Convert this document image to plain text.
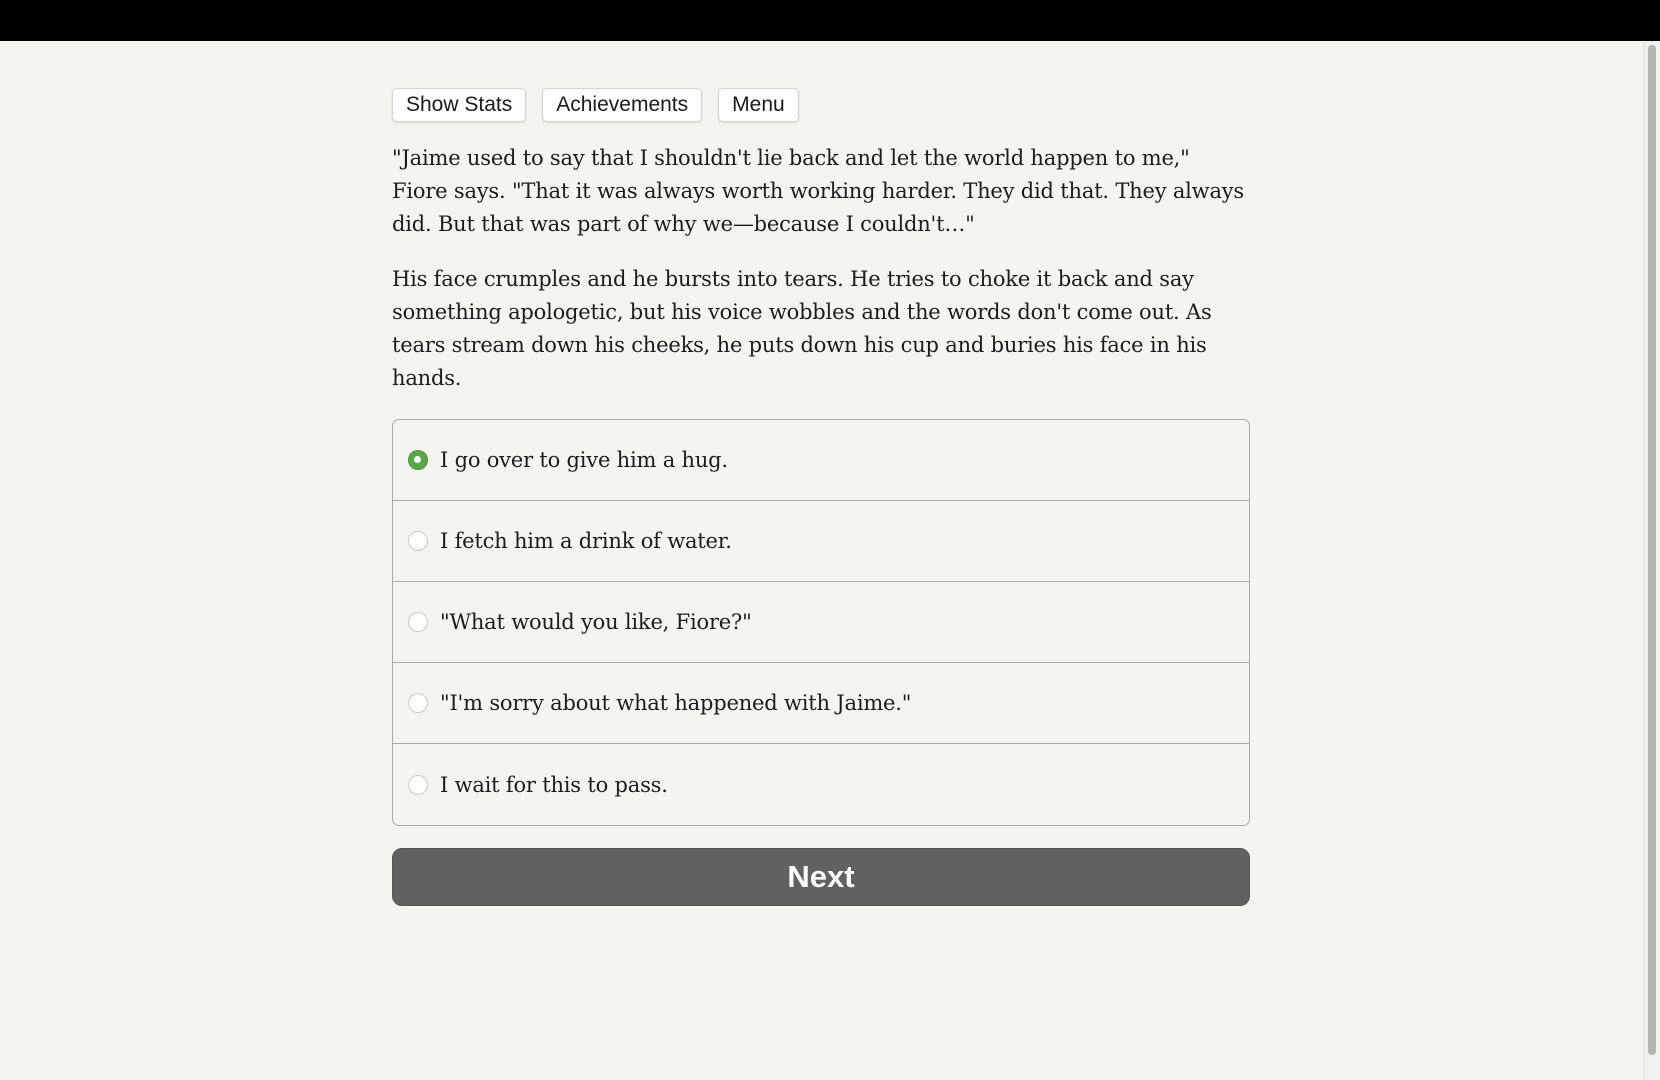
Show Stats	Achievements	Menu

"Jaime used to say that I shouldn't lie back and let the world happen to me," Fiore says. "That it was always worth working harder. They did that. They always did. But that was part of why we—because I couldn't…"

His face crumples and he bursts into tears. He tries to choke it back and say something apologetic, but his voice wobbles and the words don't come out. As tears stream down his cheeks, he puts down his cup and buries his face in his hands.

I go over to give him a hug.
I fetch him a drink of water.
"What would you like, Fiore?"
"I'm sorry about what happened with Jaime."
I wait for this to pass.
Next
